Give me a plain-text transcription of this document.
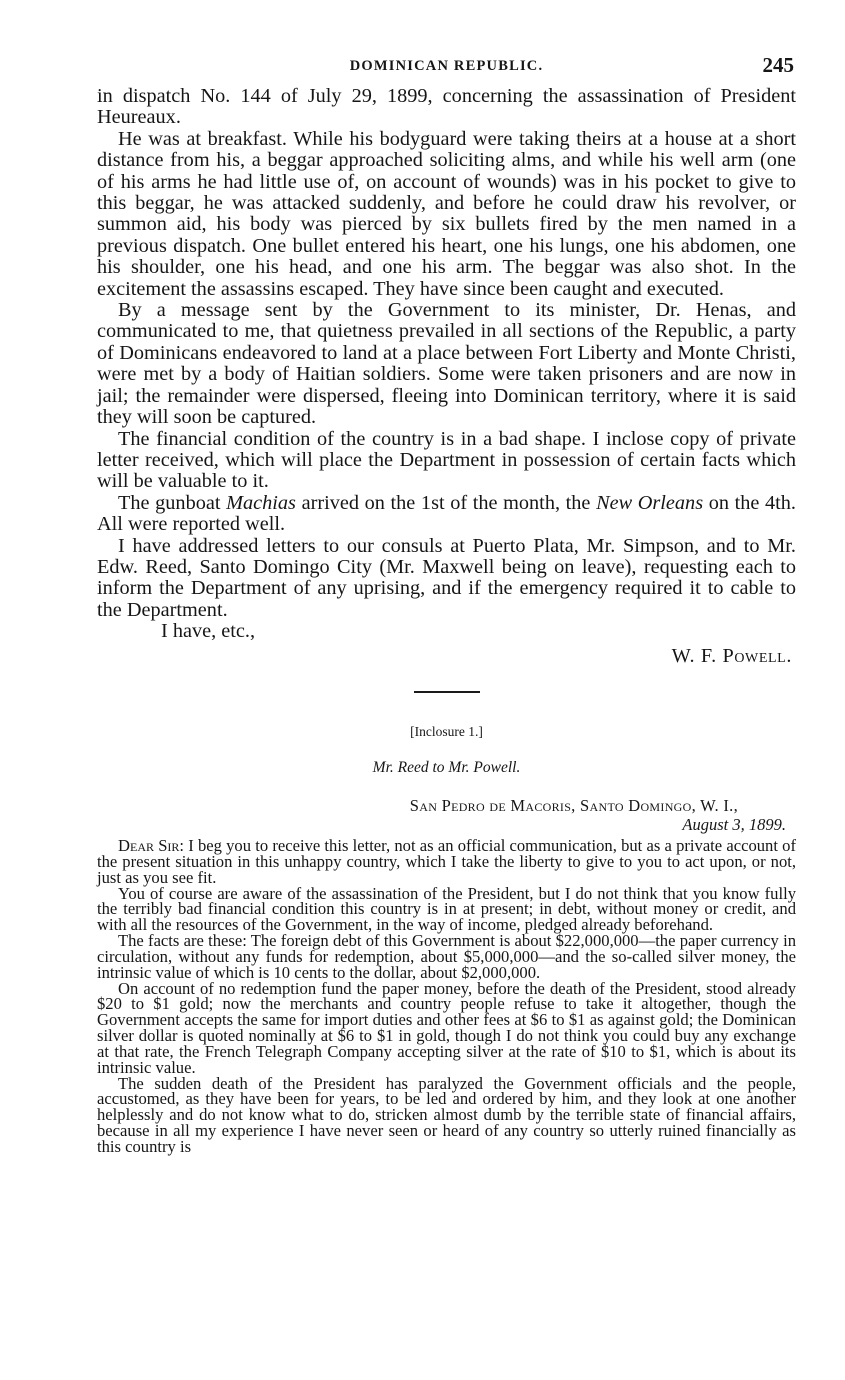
DOMINICAN REPUBLIC.	245

in dispatch No. 144 of July 29, 1899, concerning the assassination of President Heureaux.

He was at breakfast. While his bodyguard were taking theirs at a house at a short distance from his, a beggar approached soliciting alms, and while his well arm (one of his arms he had little use of, on account of wounds) was in his pocket to give to this beggar, he was attacked suddenly, and before he could draw his revolver, or summon aid, his body was pierced by six bullets fired by the men named in a previous dispatch. One bullet entered his heart, one his lungs, one his abdomen, one his shoulder, one his head, and one his arm. The beggar was also shot. In the excitement the assassins escaped. They have since been caught and executed.

By a message sent by the Government to its minister, Dr. Henas, and communicated to me, that quietness prevailed in all sections of the Republic, a party of Dominicans endeavored to land at a place between Fort Liberty and Monte Christi, were met by a body of Haitian soldiers. Some were taken prisoners and are now in jail; the remainder were dispersed, fleeing into Dominican territory, where it is said they will soon be captured.

The financial condition of the country is in a bad shape. I inclose copy of private letter received, which will place the Department in possession of certain facts which will be valuable to it.

The gunboat Machias arrived on the 1st of the month, the New Orleans on the 4th. All were reported well.

I have addressed letters to our consuls at Puerto Plata, Mr. Simpson, and to Mr. Edw. Reed, Santo Domingo City (Mr. Maxwell being on leave), requesting each to inform the Department of any uprising, and if the emergency required it to cable to the Department.

I have, etc.,
W. F. Powell.
[Inclosure 1.]
Mr. Reed to Mr. Powell.
San Pedro de Macoris, Santo Domingo, W. I.,
August 3, 1899.

Dear Sir: I beg you to receive this letter, not as an official communication, but as a private account of the present situation in this unhappy country, which I take the liberty to give to you to act upon, or not, just as you see fit.

You of course are aware of the assassination of the President, but I do not think that you know fully the terribly bad financial condition this country is in at present; in debt, without money or credit, and with all the resources of the Government, in the way of income, pledged already beforehand.

The facts are these: The foreign debt of this Government is about $22,000,000—the paper currency in circulation, without any funds for redemption, about $5,000,000—and the so-called silver money, the intrinsic value of which is 10 cents to the dollar, about $2,000,000.

On account of no redemption fund the paper money, before the death of the President, stood already $20 to $1 gold; now the merchants and country people refuse to take it altogether, though the Government accepts the same for import duties and other fees at $6 to $1 as against gold; the Dominican silver dollar is quoted nominally at $6 to $1 in gold, though I do not think you could buy any exchange at that rate, the French Telegraph Company accepting silver at the rate of $10 to $1, which is about its intrinsic value.

The sudden death of the President has paralyzed the Government officials and the people, accustomed, as they have been for years, to be led and ordered by him, and they look at one another helplessly and do not know what to do, stricken almost dumb by the terrible state of financial affairs, because in all my experience I have never seen or heard of any country so utterly ruined financially as this country is
